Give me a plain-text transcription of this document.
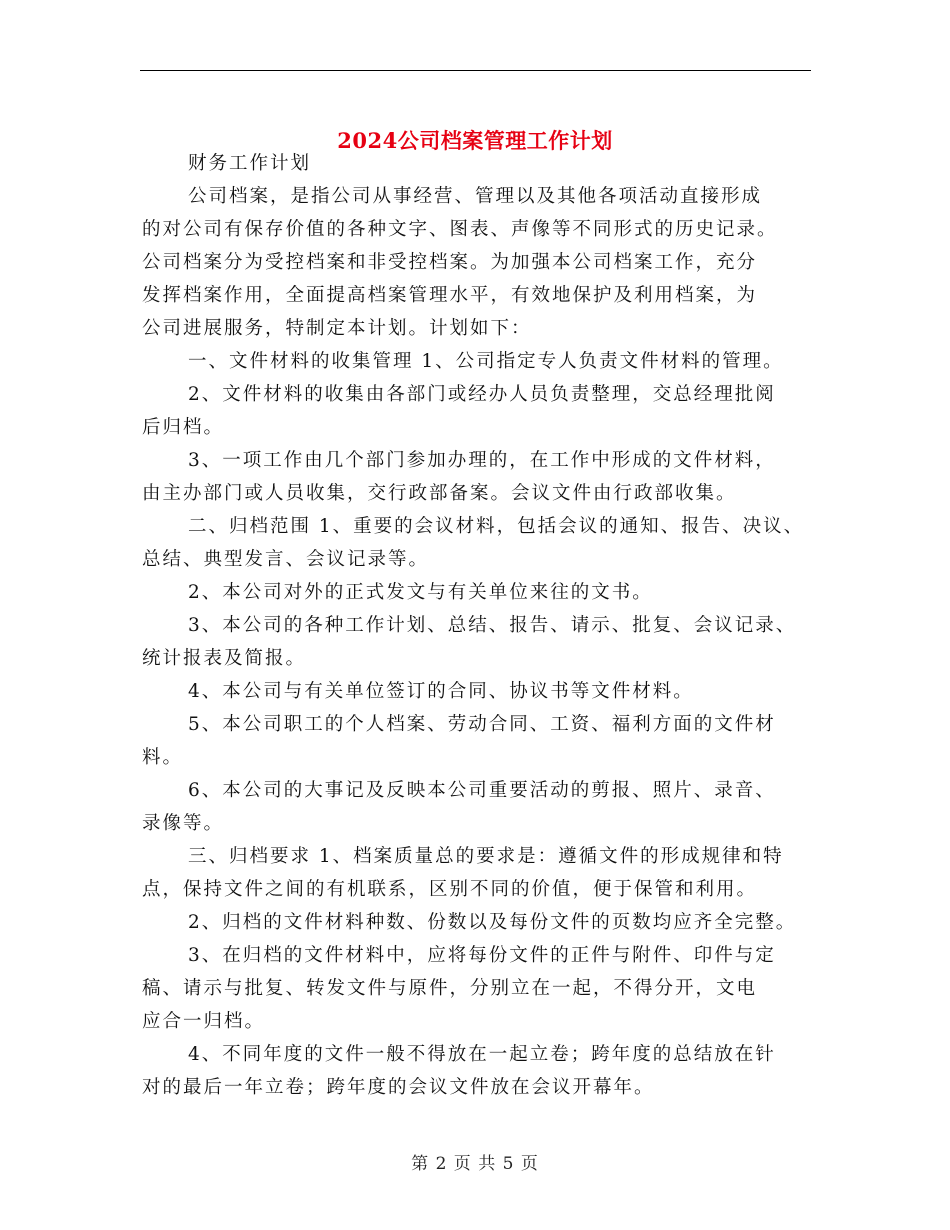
2024公司档案管理工作计划

财务工作计划

公司档案，是指公司从事经营、管理以及其他各项活动直接形成
的对公司有保存价值的各种文字、图表、声像等不同形式的历史记录。
公司档案分为受控档案和非受控档案。为加强本公司档案工作，充分
发挥档案作用，全面提高档案管理水平，有效地保护及利用档案，为
公司进展服务，特制定本计划。计划如下：

一、文件材料的收集管理 1、公司指定专人负责文件材料的管理。

2、文件材料的收集由各部门或经办人员负责整理，交总经理批阅
后归档。

3、一项工作由几个部门参加办理的，在工作中形成的文件材料，
由主办部门或人员收集，交行政部备案。会议文件由行政部收集。

二、归档范围 1、重要的会议材料，包括会议的通知、报告、决议、
总结、典型发言、会议记录等。

2、本公司对外的正式发文与有关单位来往的文书。

3、本公司的各种工作计划、总结、报告、请示、批复、会议记录、
统计报表及简报。

4、本公司与有关单位签订的合同、协议书等文件材料。

5、本公司职工的个人档案、劳动合同、工资、福利方面的文件材
料。

6、本公司的大事记及反映本公司重要活动的剪报、照片、录音、
录像等。

三、归档要求 1、档案质量总的要求是：遵循文件的形成规律和特
点，保持文件之间的有机联系，区别不同的价值，便于保管和利用。

2、归档的文件材料种数、份数以及每份文件的页数均应齐全完整。

3、在归档的文件材料中，应将每份文件的正件与附件、印件与定
稿、请示与批复、转发文件与原件，分别立在一起，不得分开，文电
应合一归档。

4、不同年度的文件一般不得放在一起立卷；跨年度的总结放在针
对的最后一年立卷；跨年度的会议文件放在会议开幕年。

第 2 页 共 5 页
